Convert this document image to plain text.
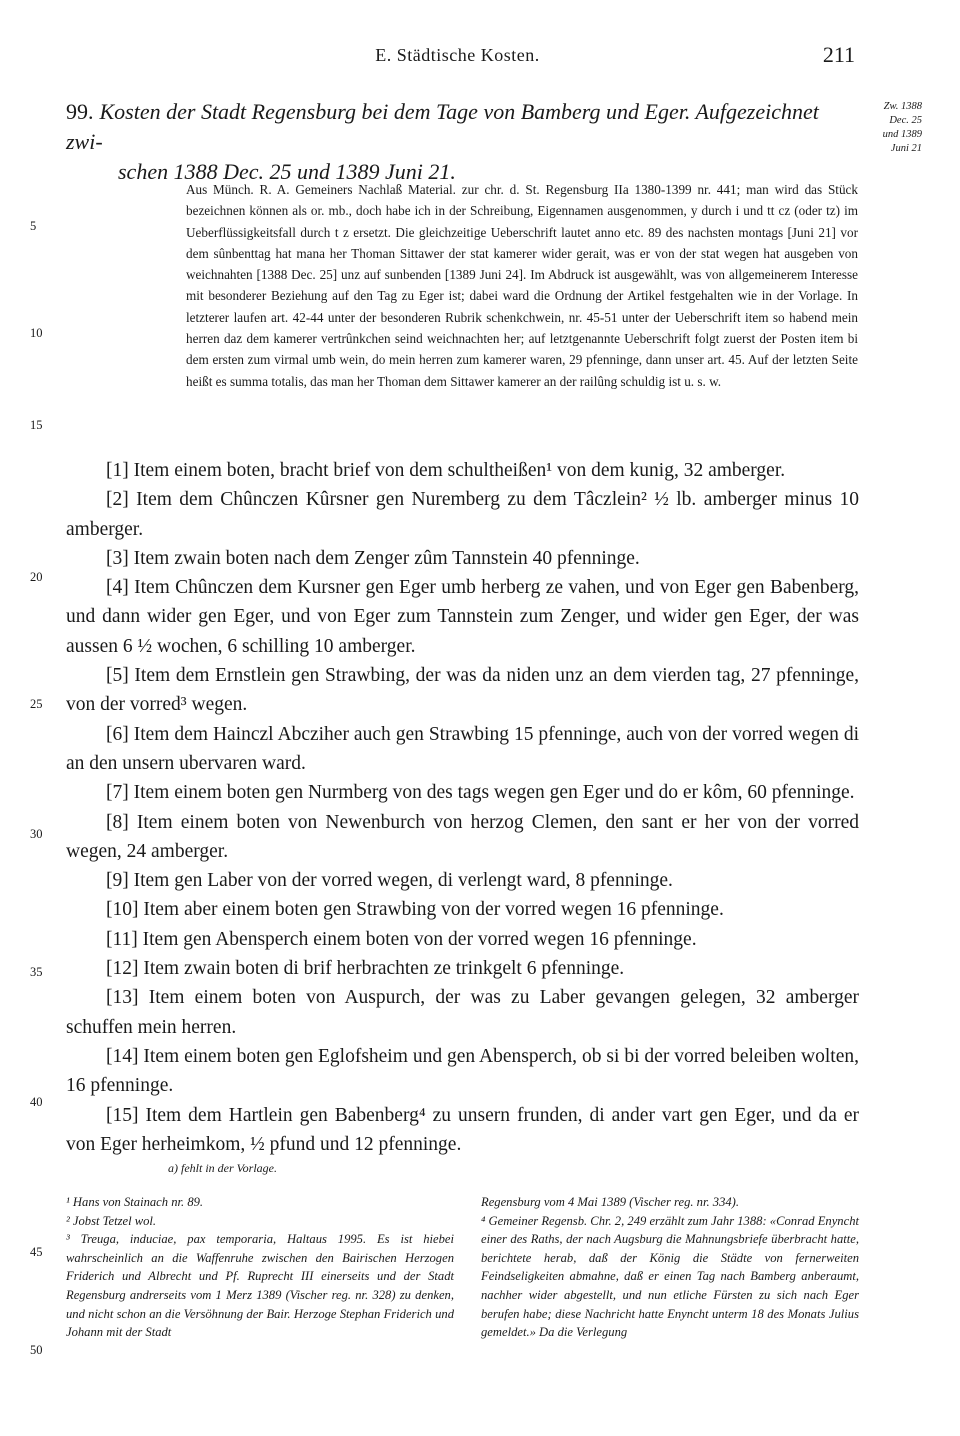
E. Städtische Kosten.	211
99. Kosten der Stadt Regensburg bei dem Tage von Bamberg und Eger. Aufgezeichnet zwi-
schen 1388 Dec. 25 und 1389 Juni 21.
Zw. 1388
Dec. 25
und 1389
Juni 21

Aus Münch. R. A. Gemeiners Nachlaß Material. zur chr. d. St. Regensburg IIa 1380-1399 nr. 441; man wird das Stück bezeichnen können als or. mb., doch habe ich in der Schreibung, Eigennamen ausgenommen, y durch i und tt cz (oder tz) im Ueberflüssigkeitsfall durch t z ersetzt. Die gleichzeitige Ueberschrift lautet anno etc. 89 des nachsten montags [Juni 21] vor dem sûnbenttag hat mana her Thoman Sittawer der stat kamerer wider gerait, was er von der stat wegen hat ausgeben von weichnahten [1388 Dec. 25] unz auf sunbenden [1389 Juni 24]. Im Abdruck ist ausgewählt, was von allgemeinerem Interesse mit besonderer Beziehung auf den Tag zu Eger ist; dabei ward die Ordnung der Artikel festgehalten wie in der Vorlage. In letzterer laufen art. 42-44 unter der besonderen Rubrik schenkchwein, nr. 45-51 unter der Ueberschrift item so habend mein herren daz dem kamerer vertrûnkchen seind weichnachten her; auf letztgenannte Ueberschrift folgt zuerst der Posten item bi dem ersten zum virmal umb wein, do mein herren zum kamerer waren, 29 pfenninge, dann unser art. 45. Auf der letzten Seite heißt es summa totalis, das man her Thoman dem Sittawer kamerer an der railûng schuldig ist u. s. w.

[1] Item einem boten, bracht brief von dem schultheißen¹ von dem kunig, 32 amberger.

[2] Item dem Chûnczen Kûrsner gen Nuremberg zu dem Tâczlein² ½ lb. amberger minus 10 amberger.

[3] Item zwain boten nach dem Zenger zûm Tannstein 40 pfenninge.

[4] Item Chûnczen dem Kursner gen Eger umb herberg ze vahen, und von Eger gen Babenberg, und dann wider gen Eger, und von Eger zum Tannstein zum Zenger, und wider gen Eger, der was aussen 6 ½ wochen, 6 schilling 10 amberger.

[5] Item dem Ernstlein gen Strawbing, der was da niden unz an dem vierden tag, 27 pfenninge, von der vorred³ wegen.

[6] Item dem Hainczl Abcziher auch gen Strawbing 15 pfenninge, auch von der vorred wegen di an den unsern ubervaren ward.

[7] Item einem boten gen Nurmberg von des tags wegen gen Eger und do er kôm, 60 pfenninge.

[8] Item einem boten von Newenburch von herzog Clemen, den sant er her von der vorred wegen, 24 amberger.

[9] Item gen Laber von der vorred wegen, di verlengt ward, 8 pfenninge.

[10] Item aber einem boten gen Strawbing von der vorred wegen 16 pfenninge.

[11] Item gen Abensperch einem boten von der vorred wegen 16 pfenninge.

[12] Item zwain boten di brif herbrachten ze trinkgelt 6 pfenninge.

[13] Item einem boten von Auspurch, der was zu Laber gevangen gelegen, 32 amberger schuffen mein herren.

[14] Item einem boten gen Eglofsheim und gen Abensperch, ob si bi der vorred beleiben wolten, 16 pfenninge.

[15] Item dem Hartlein gen Babenberg⁴ zu unsern frunden, di ander vart gen Eger, und da er von Eger herheimkom, ½ pfund und 12 pfenninge.

a) fehlt in der Vorlage.

¹ Hans von Stainach nr. 89.

² Jobst Tetzel wol.

³ Treuga, induciae, pax temporaria, Haltaus 1995. Es ist hiebei wahrscheinlich an die Waffenruhe zwischen den Bairischen Herzogen Friderich und Albrecht und Pf. Ruprecht III einerseits und der Stadt Regensburg andrerseits vom 1 Merz 1389 (Vischer reg. nr. 328) zu denken, und nicht schon an die Versöhnung der Bair. Herzoge Stephan Friderich und Johann mit der Stadt

Regensburg vom 4 Mai 1389 (Vischer reg. nr. 334).

⁴ Gemeiner Regensb. Chr. 2, 249 erzählt zum Jahr 1388: «Conrad Enyncht einer des Raths, der nach Augsburg die Mahnungsbriefe überbracht hatte, berichtete herab, daß der König die Städte von fernerweiten Feindseligkeiten abmahne, daß er einen Tag nach Bamberg anberaumt, nachher wider abgestellt, und nun etliche Fürsten zu sich nach Eger berufen habe; diese Nachricht hatte Enyncht unterm 18 des Monats Julius gemeldet.» Da die Verlegung

5
10
15
20
25
30
35
40
45
50
